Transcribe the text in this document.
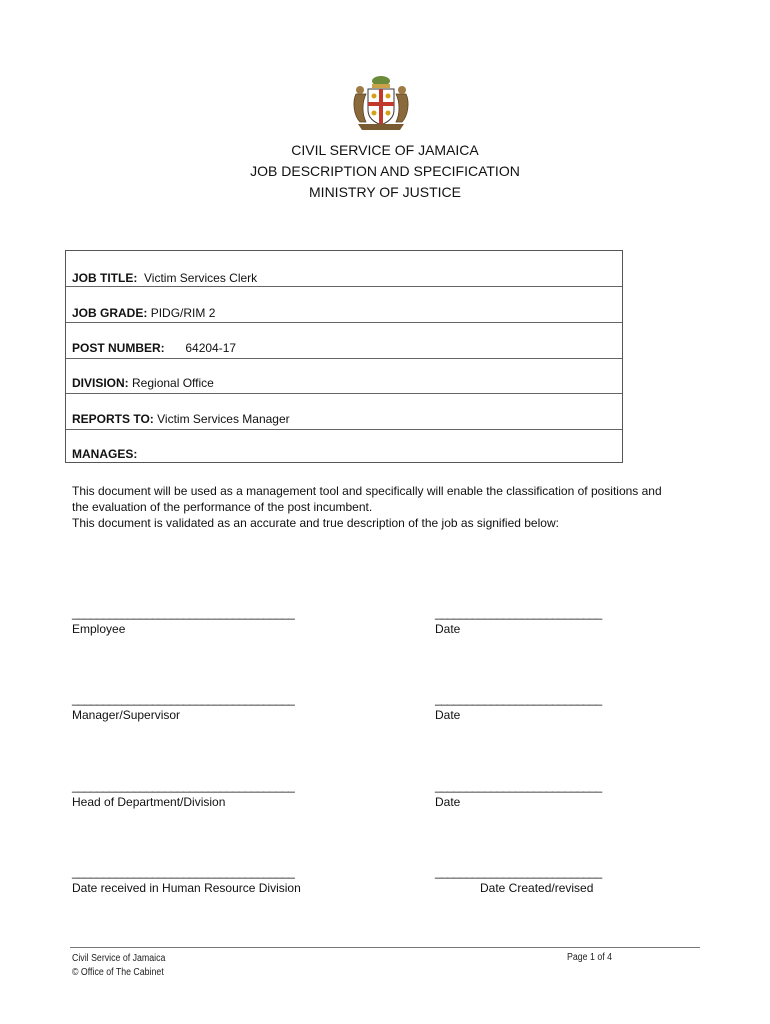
CIVIL SERVICE OF JAMAICA
JOB DESCRIPTION AND SPECIFICATION
MINISTRY OF JUSTICE
JOB TITLE: Victim Services Clerk
JOB GRADE: PIDG/RIM 2
POST NUMBER: 64204-17
DIVISION: Regional Office
REPORTS TO: Victim Services Manager
MANAGES:
This document will be used as a management tool and specifically will enable the classification of positions and
the evaluation of the performance of the post incumbent.
This document is validated as an accurate and true description of the job as signified below:
____________________________________	___________________________
Employee	Date
____________________________________	___________________________
Manager/Supervisor	Date
____________________________________	___________________________
Head of Department/Division	Date
____________________________________	___________________________
Date received in Human Resource Division	Date Created/revised
Civil Service of Jamaica
© Office of The Cabinet
Page 1 of 4
